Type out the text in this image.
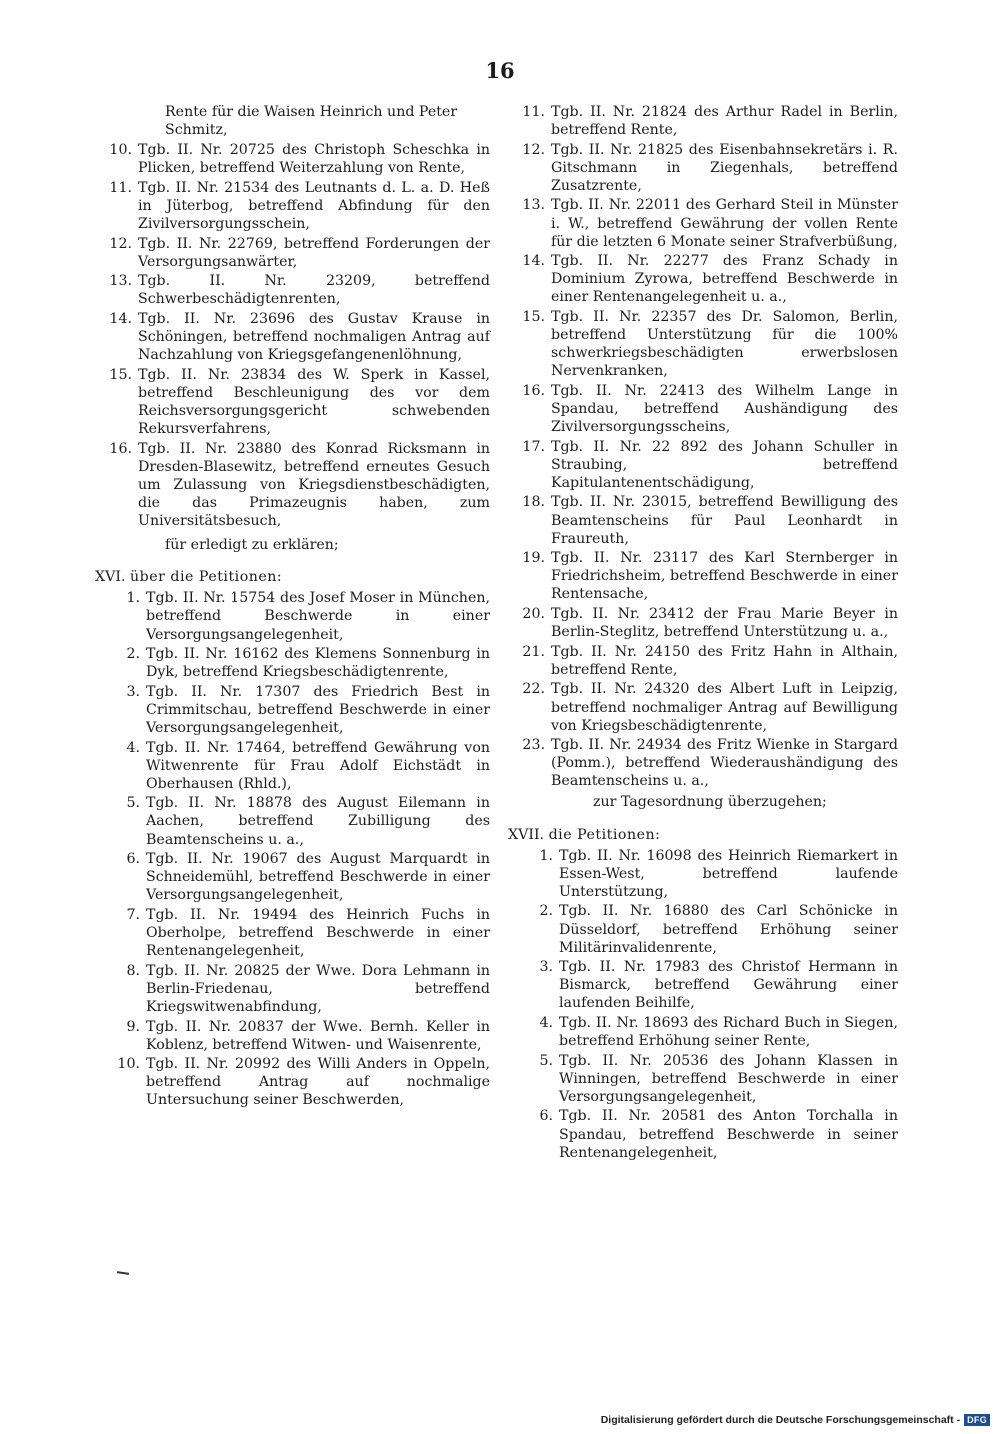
16
Rente für die Waisen Heinrich und Peter Schmitz,
10. Tgb. II. Nr. 20725 des Christoph Scheschka in Plicken, betreffend Weiterzahlung von Rente,
11. Tgb. II. Nr. 21534 des Leutnants d. L. a. D. Heß in Jüterbog, betreffend Abfindung für den Zivilversorgungsschein,
12. Tgb. II. Nr. 22769, betreffend Forderungen der Versorgungsanwärter,
13. Tgb. II. Nr. 23209, betreffend Schwerbeschädigtenrenten,
14. Tgb. II. Nr. 23696 des Gustav Krause in Schöningen, betreffend nochmaligen Antrag auf Nachzahlung von Kriegsgefangenenlöhnung,
15. Tgb. II. Nr. 23834 des W. Sperk in Kassel, betreffend Beschleunigung des vor dem Reichsversorgungsgericht schwebenden Rekursverfahrens,
16. Tgb. II. Nr. 23880 des Konrad Ricksmann in Dresden-Blasewitz, betreffend erneutes Gesuch um Zulassung von Kriegsdienstbeschädigten, die das Primazeugnis haben, zum Universitätsbesuch,
für erledigt zu erklären;
XVI. über die Petitionen:
1. Tgb. II. Nr. 15754 des Josef Moser in München, betreffend Beschwerde in einer Versorgungsangelegenheit,
2. Tgb. II. Nr. 16162 des Klemens Sonnenburg in Dyk, betreffend Kriegsbeschädigtenrente,
3. Tgb. II. Nr. 17307 des Friedrich Best in Crimmitschau, betreffend Beschwerde in einer Versorgungsangelegenheit,
4. Tgb. II. Nr. 17464, betreffend Gewährung von Witwenrente für Frau Adolf Eichstädt in Oberhausen (Rhld.),
5. Tgb. II. Nr. 18878 des August Eilemann in Aachen, betreffend Zubilligung des Beamtenscheins u. a.,
6. Tgb. II. Nr. 19067 des August Marquardt in Schneidemühl, betreffend Beschwerde in einer Versorgungsangelegenheit,
7. Tgb. II. Nr. 19494 des Heinrich Fuchs in Oberholpe, betreffend Beschwerde in einer Rentenangelegenheit,
8. Tgb. II. Nr. 20825 der Wwe. Dora Lehmann in Berlin-Friedenau, betreffend Kriegswitwenabfindung,
9. Tgb. II. Nr. 20837 der Wwe. Bernh. Keller in Koblenz, betreffend Witwen- und Waisenrente,
10. Tgb. II. Nr. 20992 des Willi Anders in Oppeln, betreffend Antrag auf nochmalige Untersuchung seiner Beschwerden,
11. Tgb. II. Nr. 21824 des Arthur Radel in Berlin, betreffend Rente,
12. Tgb. II. Nr. 21825 des Eisenbahnsekretärs i. R. Gitschmann in Ziegenhals, betreffend Zusatzrente,
13. Tgb. II. Nr. 22011 des Gerhard Steil in Münster i. W., betreffend Gewährung der vollen Rente für die letzten 6 Monate seiner Strafverbüßung,
14. Tgb. II. Nr. 22277 des Franz Schady in Dominium Zyrowa, betreffend Beschwerde in einer Rentenangelegenheit u. a.,
15. Tgb. II. Nr. 22357 des Dr. Salomon, Berlin, betreffend Unterstützung für die 100% schwerkriegsbeschädigten erwerbslosen Nervenkranken,
16. Tgb. II. Nr. 22413 des Wilhelm Lange in Spandau, betreffend Aushändigung des Zivilversorgungsscheins,
17. Tgb. II. Nr. 22 892 des Johann Schuller in Straubing, betreffend Kapitulantenentschädigung,
18. Tgb. II. Nr. 23015, betreffend Bewilligung des Beamtenscheins für Paul Leonhardt in Fraureuth,
19. Tgb. II. Nr. 23117 des Karl Sternberger in Friedrichsheim, betreffend Beschwerde in einer Rentensache,
20. Tgb. II. Nr. 23412 der Frau Marie Beyer in Berlin-Steglitz, betreffend Unterstützung u. a.,
21. Tgb. II. Nr. 24150 des Fritz Hahn in Althain, betreffend Rente,
22. Tgb. II. Nr. 24320 des Albert Luft in Leipzig, betreffend nochmaliger Antrag auf Bewilligung von Kriegsbeschädigtenrente,
23. Tgb. II. Nr. 24934 des Fritz Wienke in Stargard (Pomm.), betreffend Wiederaushändigung des Beamtenscheins u. a.,
zur Tagesordnung überzugehen;
XVII. die Petitionen:
1. Tgb. II. Nr. 16098 des Heinrich Riemarkert in Essen-West, betreffend laufende Unterstützung,
2. Tgb. II. Nr. 16880 des Carl Schönicke in Düsseldorf, betreffend Erhöhung seiner Militärinvalidenrente,
3. Tgb. II. Nr. 17983 des Christof Hermann in Bismarck, betreffend Gewährung einer laufenden Beihilfe,
4. Tgb. II. Nr. 18693 des Richard Buch in Siegen, betreffend Erhöhung seiner Rente,
5. Tgb. II. Nr. 20536 des Johann Klassen in Winningen, betreffend Beschwerde in einer Versorgungsangelegenheit,
6. Tgb. II. Nr. 20581 des Anton Torchalla in Spandau, betreffend Beschwerde in seiner Rentenangelegenheit,
Digitalisierung gefördert durch die Deutsche Forschungsgemeinschaft - DFG
